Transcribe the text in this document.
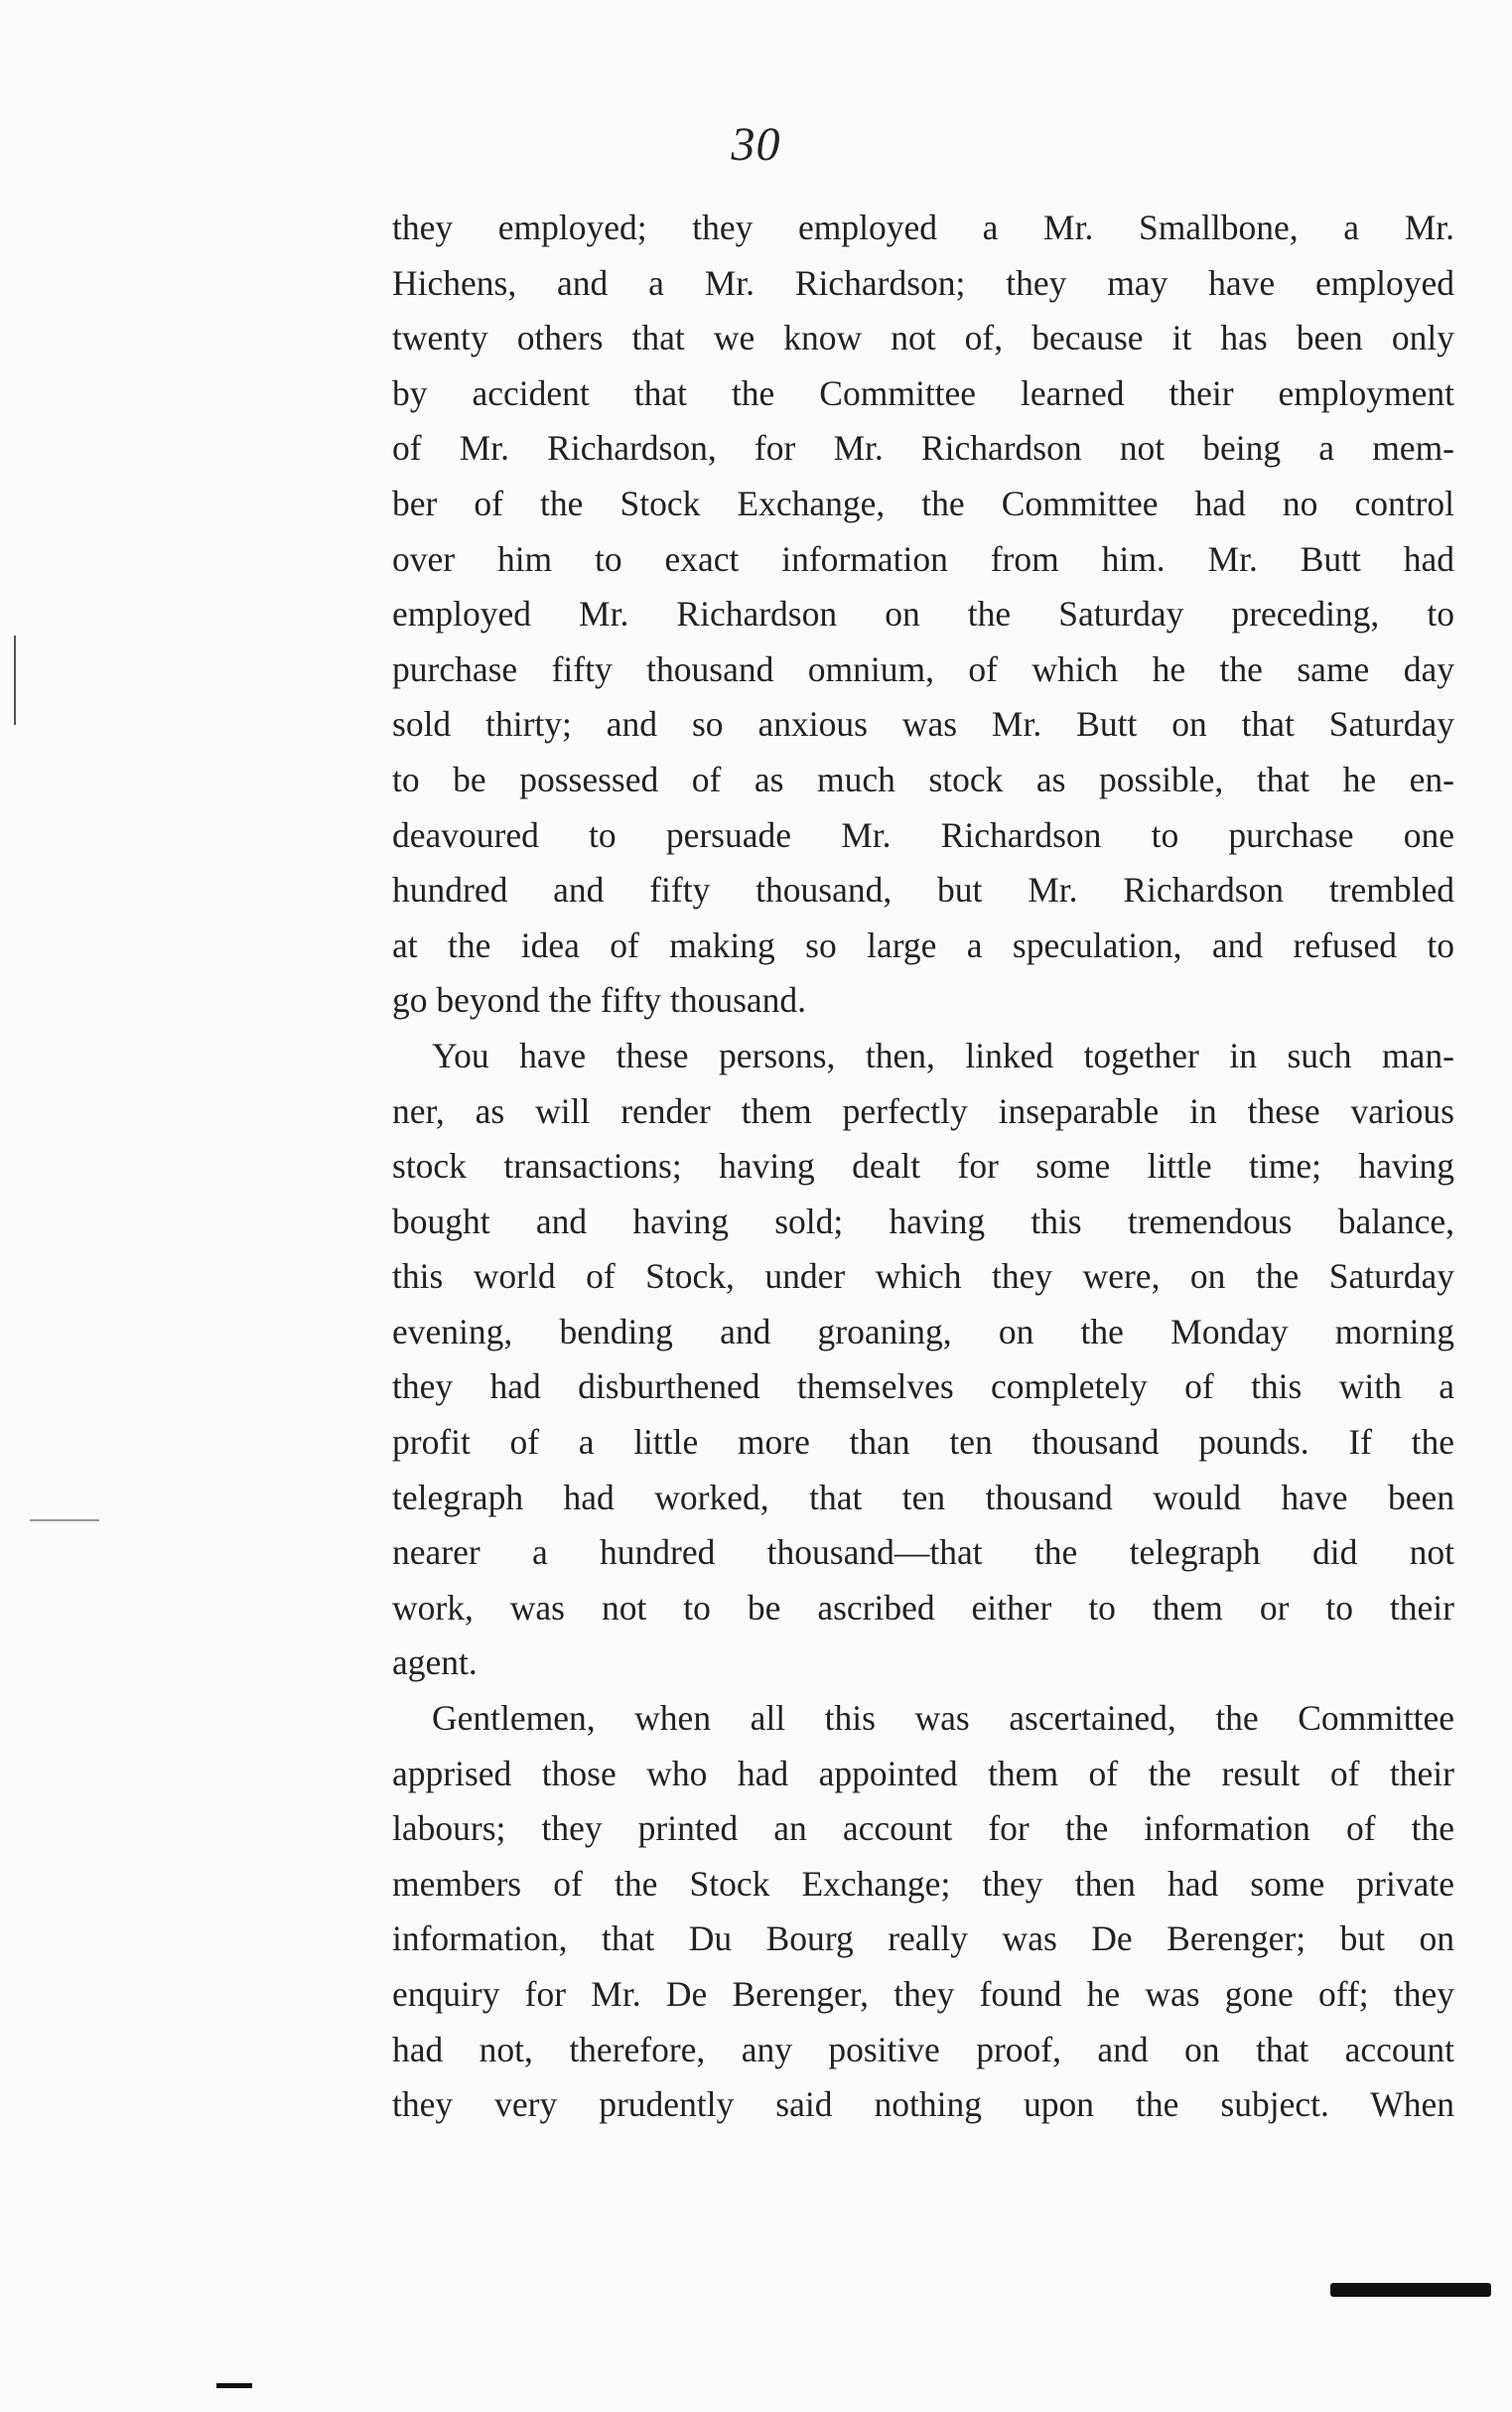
30
they employed; they employed a Mr. Smallbone, a Mr.
Hichens, and a Mr. Richardson; they may have employed
twenty others that we know not of, because it has been only
by accident that the Committee learned their employment
of Mr. Richardson, for Mr. Richardson not being a mem-
ber of the Stock Exchange, the Committee had no control
over him to exact information from him. Mr. Butt had
employed Mr. Richardson on the Saturday preceding, to
purchase fifty thousand omnium, of which he the same day
sold thirty; and so anxious was Mr. Butt on that Saturday
to be possessed of as much stock as possible, that he en-
deavoured to persuade Mr. Richardson to purchase one
hundred and fifty thousand, but Mr. Richardson trembled
at the idea of making so large a speculation, and refused to
go beyond the fifty thousand.
You have these persons, then, linked together in such man-
ner, as will render them perfectly inseparable in these various
stock transactions; having dealt for some little time; having
bought and having sold; having this tremendous balance,
this world of Stock, under which they were, on the Saturday
evening, bending and groaning, on the Monday morning
they had disburthened themselves completely of this with a
profit of a little more than ten thousand pounds. If the
telegraph had worked, that ten thousand would have been
nearer a hundred thousand—that the telegraph did not
work, was not to be ascribed either to them or to their
agent.
Gentlemen, when all this was ascertained, the Committee
apprised those who had appointed them of the result of their
labours; they printed an account for the information of the
members of the Stock Exchange; they then had some private
information, that Du Bourg really was De Berenger; but on
enquiry for Mr. De Berenger, they found he was gone off; they
had not, therefore, any positive proof, and on that account
they very prudently said nothing upon the subject. When
